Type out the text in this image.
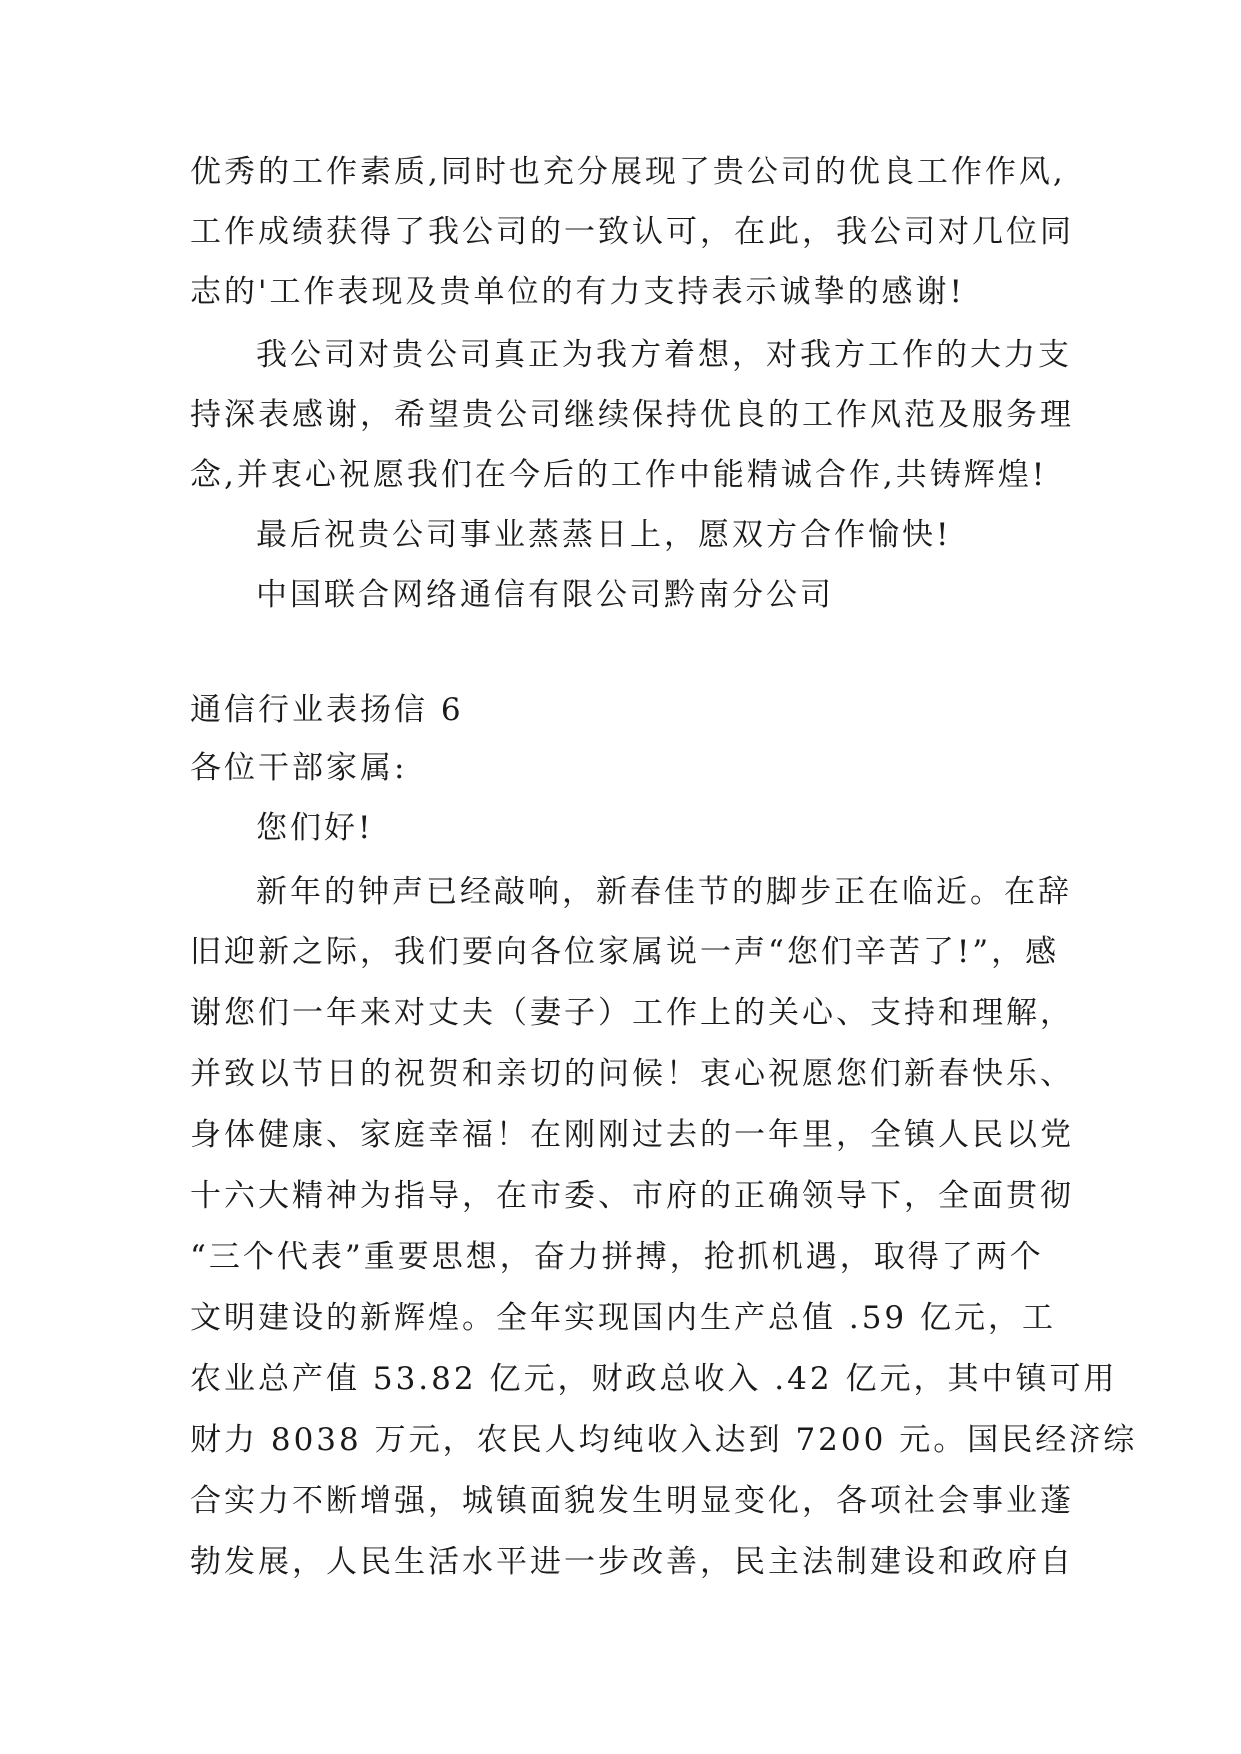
优秀的工作素质,同时也充分展现了贵公司的优良工作作风,
工作成绩获得了我公司的一致认可，在此，我公司对几位同
志的'工作表现及贵单位的有力支持表示诚挚的感谢!
我公司对贵公司真正为我方着想，对我方工作的大力支
持深表感谢，希望贵公司继续保持优良的工作风范及服务理
念,并衷心祝愿我们在今后的工作中能精诚合作,共铸辉煌!
最后祝贵公司事业蒸蒸日上，愿双方合作愉快!
中国联合网络通信有限公司黔南分公司
通信行业表扬信 6
各位干部家属:
您们好!
新年的钟声已经敲响，新春佳节的脚步正在临近。在辞
旧迎新之际，我们要向各位家属说一声“您们辛苦了!”，感
谢您们一年来对丈夫（妻子）工作上的关心、支持和理解，
并致以节日的祝贺和亲切的问候！衷心祝愿您们新春快乐、
身体健康、家庭幸福！在刚刚过去的一年里，全镇人民以党
十六大精神为指导，在市委、市府的正确领导下，全面贯彻
“三个代表”重要思想，奋力拼搏，抢抓机遇，取得了两个
文明建设的新辉煌。全年实现国内生产总值 .59 亿元，工
农业总产值 53.82 亿元，财政总收入 .42 亿元，其中镇可用
财力 8038 万元，农民人均纯收入达到 7200 元。国民经济综
合实力不断增强，城镇面貌发生明显变化，各项社会事业蓬
勃发展，人民生活水平进一步改善，民主法制建设和政府自
